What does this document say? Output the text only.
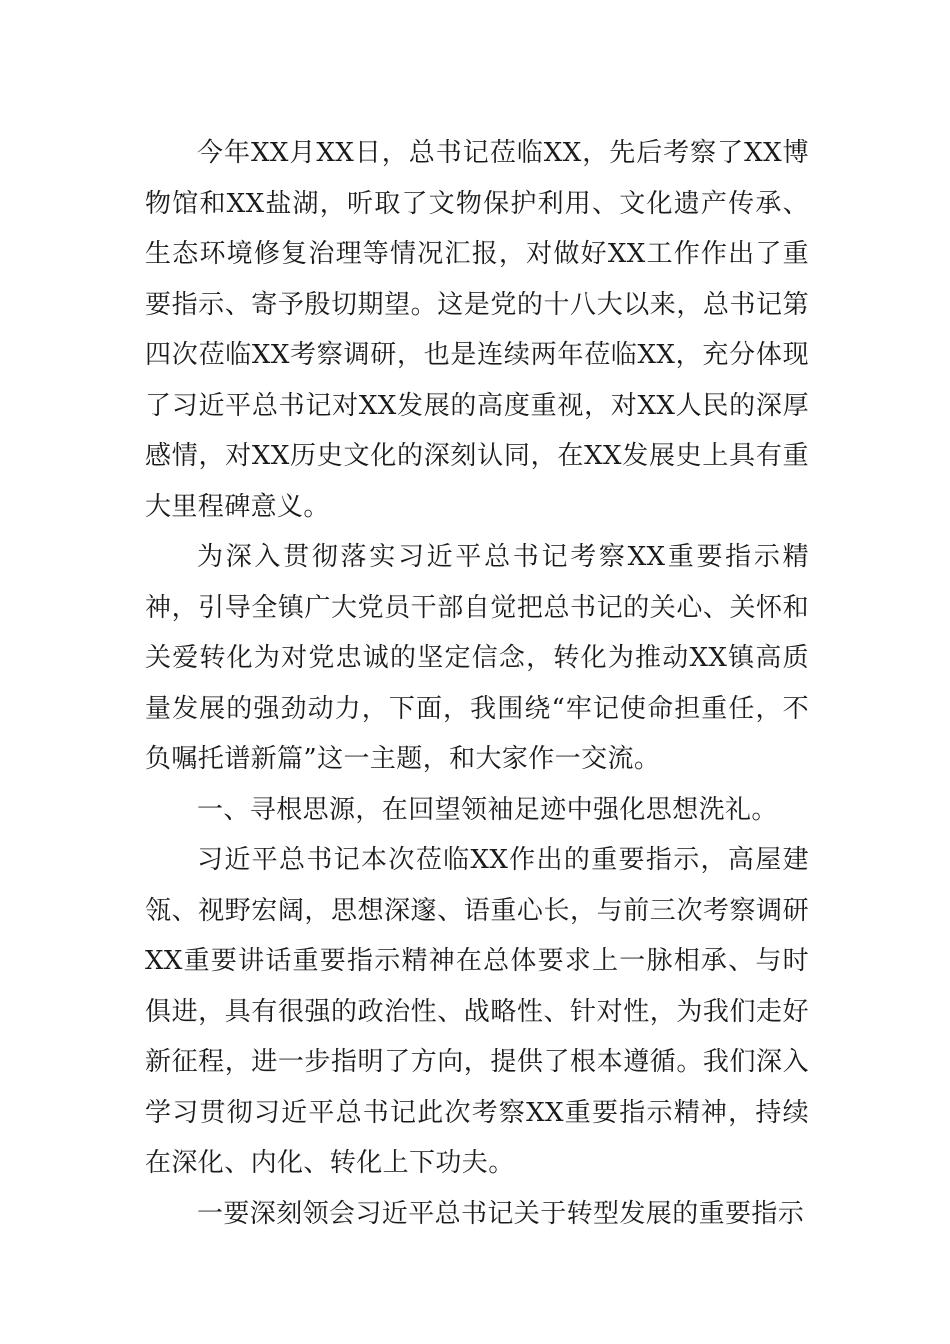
今年XX月XX日，总书记莅临XX，先后考察了XX博物馆和XX盐湖，听取了文物保护利用、文化遗产传承、生态环境修复治理等情况汇报，对做好XX工作作出了重要指示、寄予殷切期望。这是党的十八大以来，总书记第四次莅临XX考察调研，也是连续两年莅临XX，充分体现了习近平总书记对XX发展的高度重视，对XX人民的深厚感情，对XX历史文化的深刻认同，在XX发展史上具有重大里程碑意义。

为深入贯彻落实习近平总书记考察XX重要指示精神，引导全镇广大党员干部自觉把总书记的关心、关怀和关爱转化为对党忠诚的坚定信念，转化为推动XX镇高质量发展的强劲动力，下面，我围绕“牢记使命担重任，不负嘱托谱新篇”这一主题，和大家作一交流。

一、寻根思源，在回望领袖足迹中强化思想洗礼。

习近平总书记本次莅临XX作出的重要指示，高屋建瓴、视野宏阔，思想深邃、语重心长，与前三次考察调研XX重要讲话重要指示精神在总体要求上一脉相承、与时俱进，具有很强的政治性、战略性、针对性，为我们走好新征程，进一步指明了方向，提供了根本遵循。我们深入学习贯彻习近平总书记此次考察XX重要指示精神，持续在深化、内化、转化上下功夫。

一要深刻领会习近平总书记关于转型发展的重要指示
